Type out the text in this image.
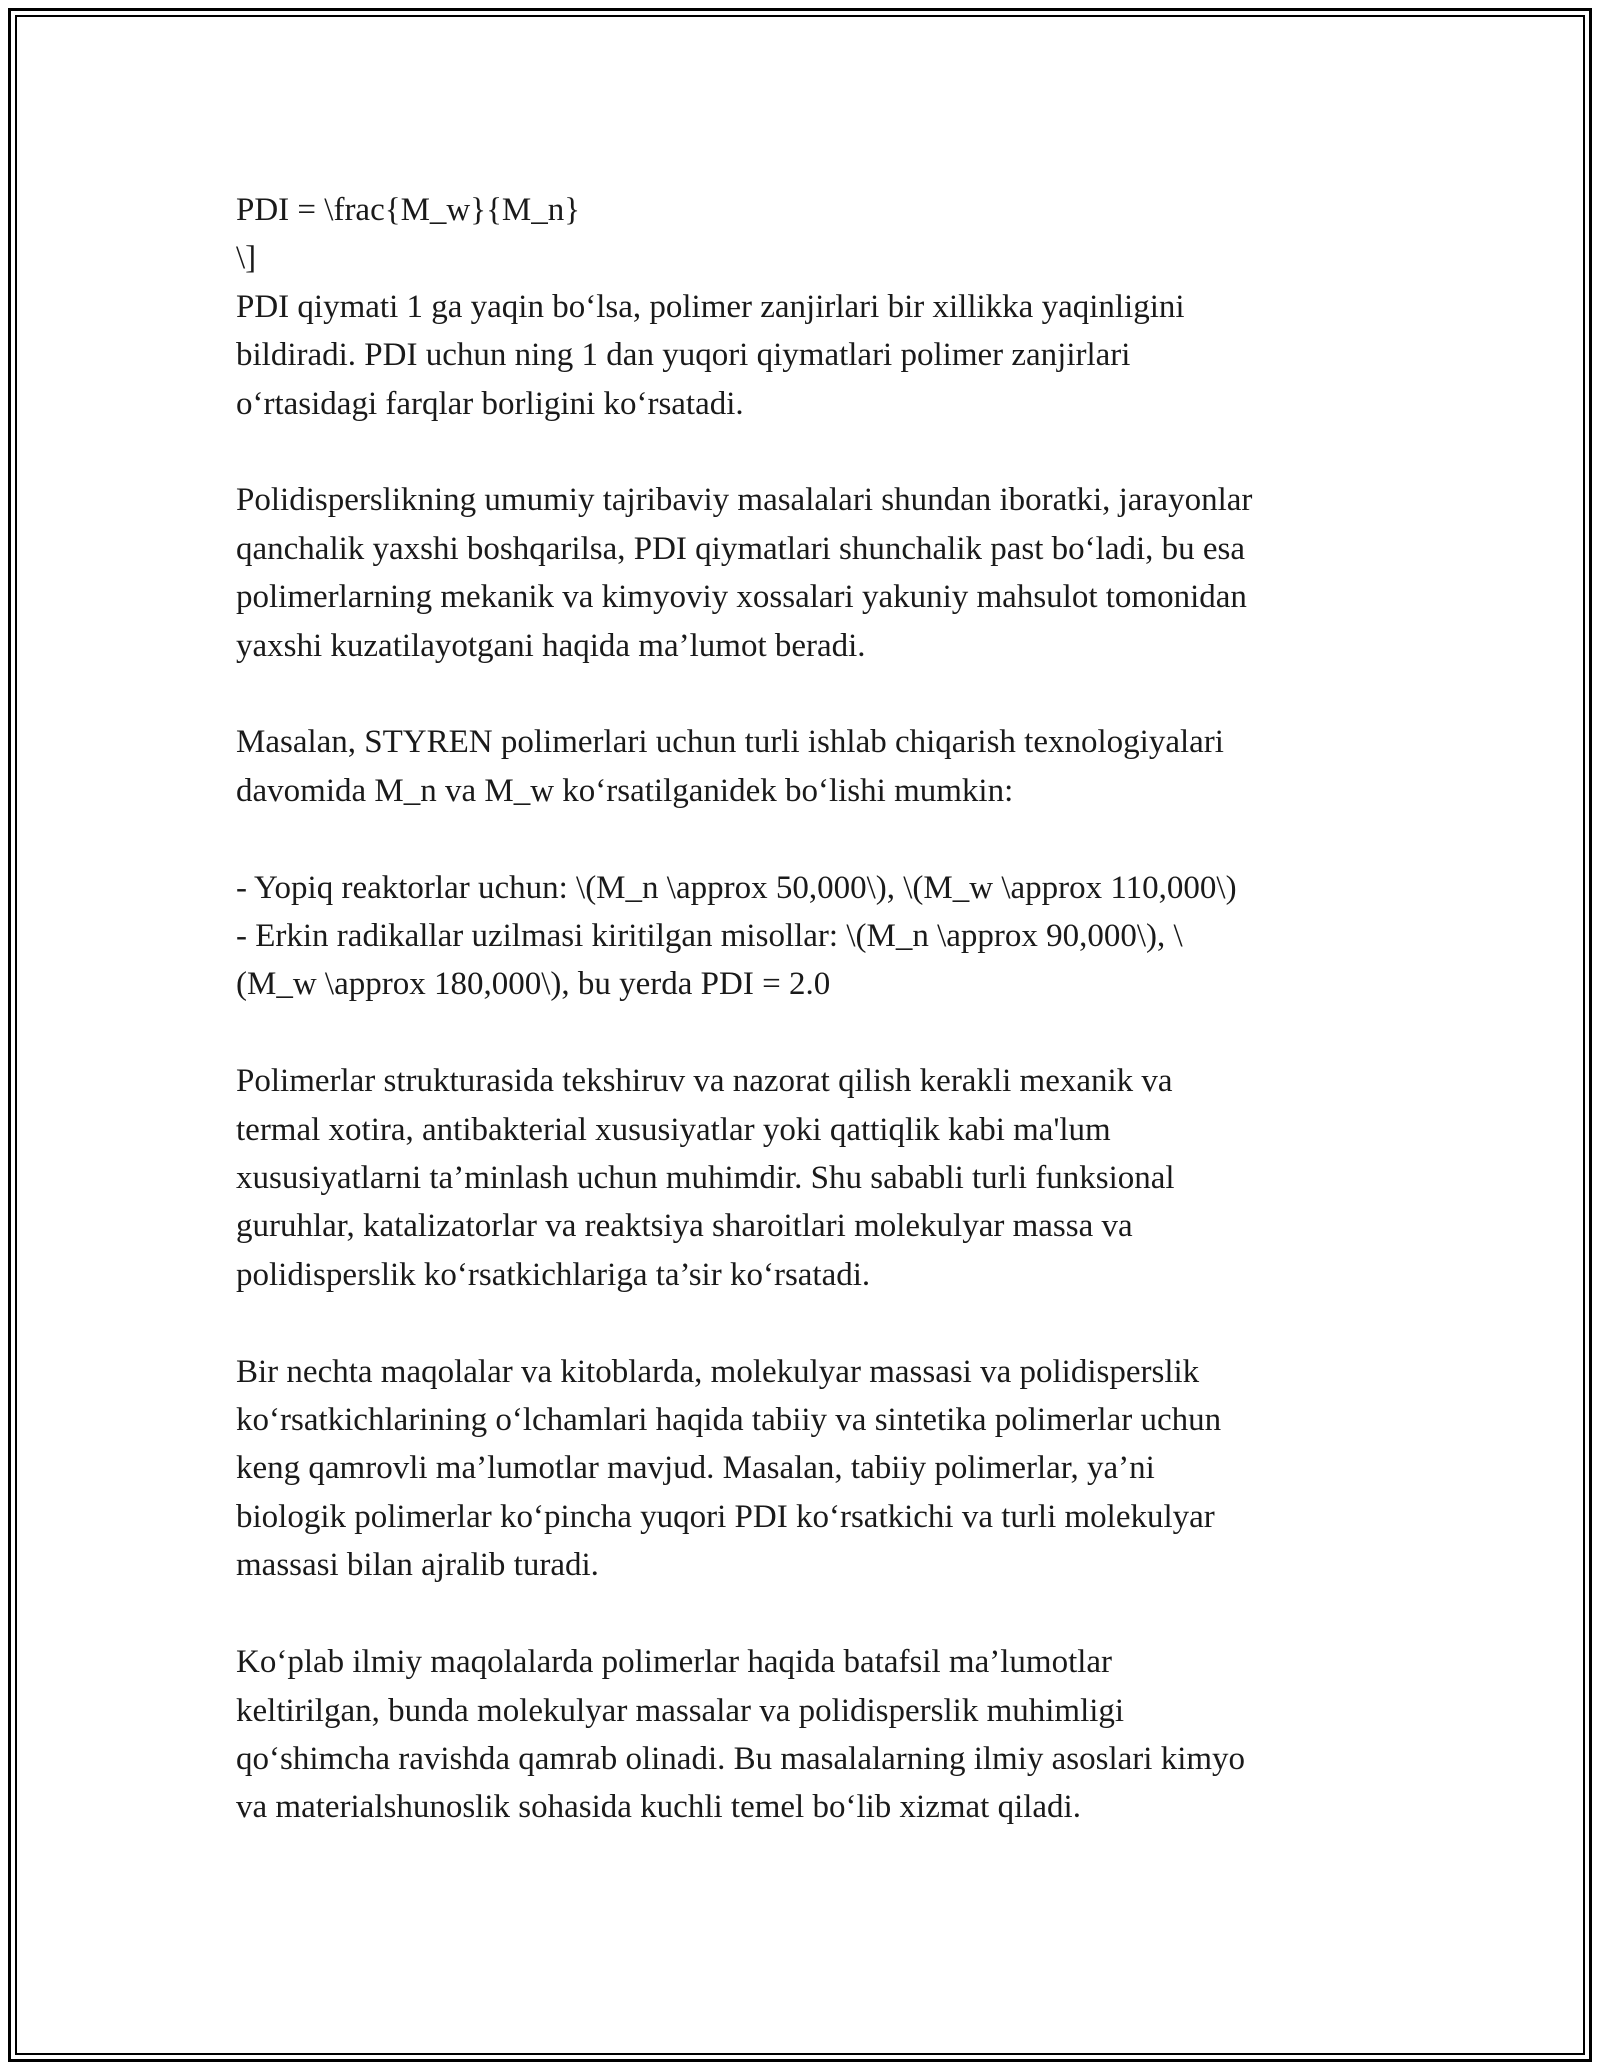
PDI = \frac{M_w}{M_n}
\]

PDI qiymati 1 ga yaqin bo‘lsa, polimer zanjirlari bir xillikka yaqinligini
bildiradi. PDI uchun ning 1 dan yuqori qiymatlari polimer zanjirlari
o‘rtasidagi farqlar borligini ko‘rsatadi.

Polidisperslikning umumiy tajribaviy masalalari shundan iboratki, jarayonlar
qanchalik yaxshi boshqarilsa, PDI qiymatlari shunchalik past bo‘ladi, bu esa
polimerlarning mekanik va kimyoviy xossalari yakuniy mahsulot tomonidan
yaxshi kuzatilayotgani haqida ma’lumot beradi.

Masalan, STYREN polimerlari uchun turli ishlab chiqarish texnologiyalari
davomida M_n va M_w ko‘rsatilganidek bo‘lishi mumkin:

- Yopiq reaktorlar uchun: \(M_n \approx 50,000\), \(M_w \approx 110,000\)
- Erkin radikallar uzilmasi kiritilgan misollar: \(M_n \approx 90,000\), \
(M_w \approx 180,000\), bu yerda PDI = 2.0

Polimerlar strukturasida tekshiruv va nazorat qilish kerakli mexanik va
termal xotira, antibakterial xususiyatlar yoki qattiqlik kabi ma'lum
xususiyatlarni ta’minlash uchun muhimdir. Shu sababli turli funksional
guruhlar, katalizatorlar va reaktsiya sharoitlari molekulyar massa va
polidisperslik ko‘rsatkichlariga ta’sir ko‘rsatadi.

Bir nechta maqolalar va kitoblarda, molekulyar massasi va polidisperslik
ko‘rsatkichlarining o‘lchamlari haqida tabiiy va sintetika polimerlar uchun
keng qamrovli ma’lumotlar mavjud. Masalan, tabiiy polimerlar, ya’ni
biologik polimerlar ko‘pincha yuqori PDI ko‘rsatkichi va turli molekulyar
massasi bilan ajralib turadi.

Ko‘plab ilmiy maqolalarda polimerlar haqida batafsil ma’lumotlar
keltirilgan, bunda molekulyar massalar va polidisperslik muhimligi
qo‘shimcha ravishda qamrab olinadi. Bu masalalarning ilmiy asoslari kimyo
va materialshunoslik sohasida kuchli temel bo‘lib xizmat qiladi.
